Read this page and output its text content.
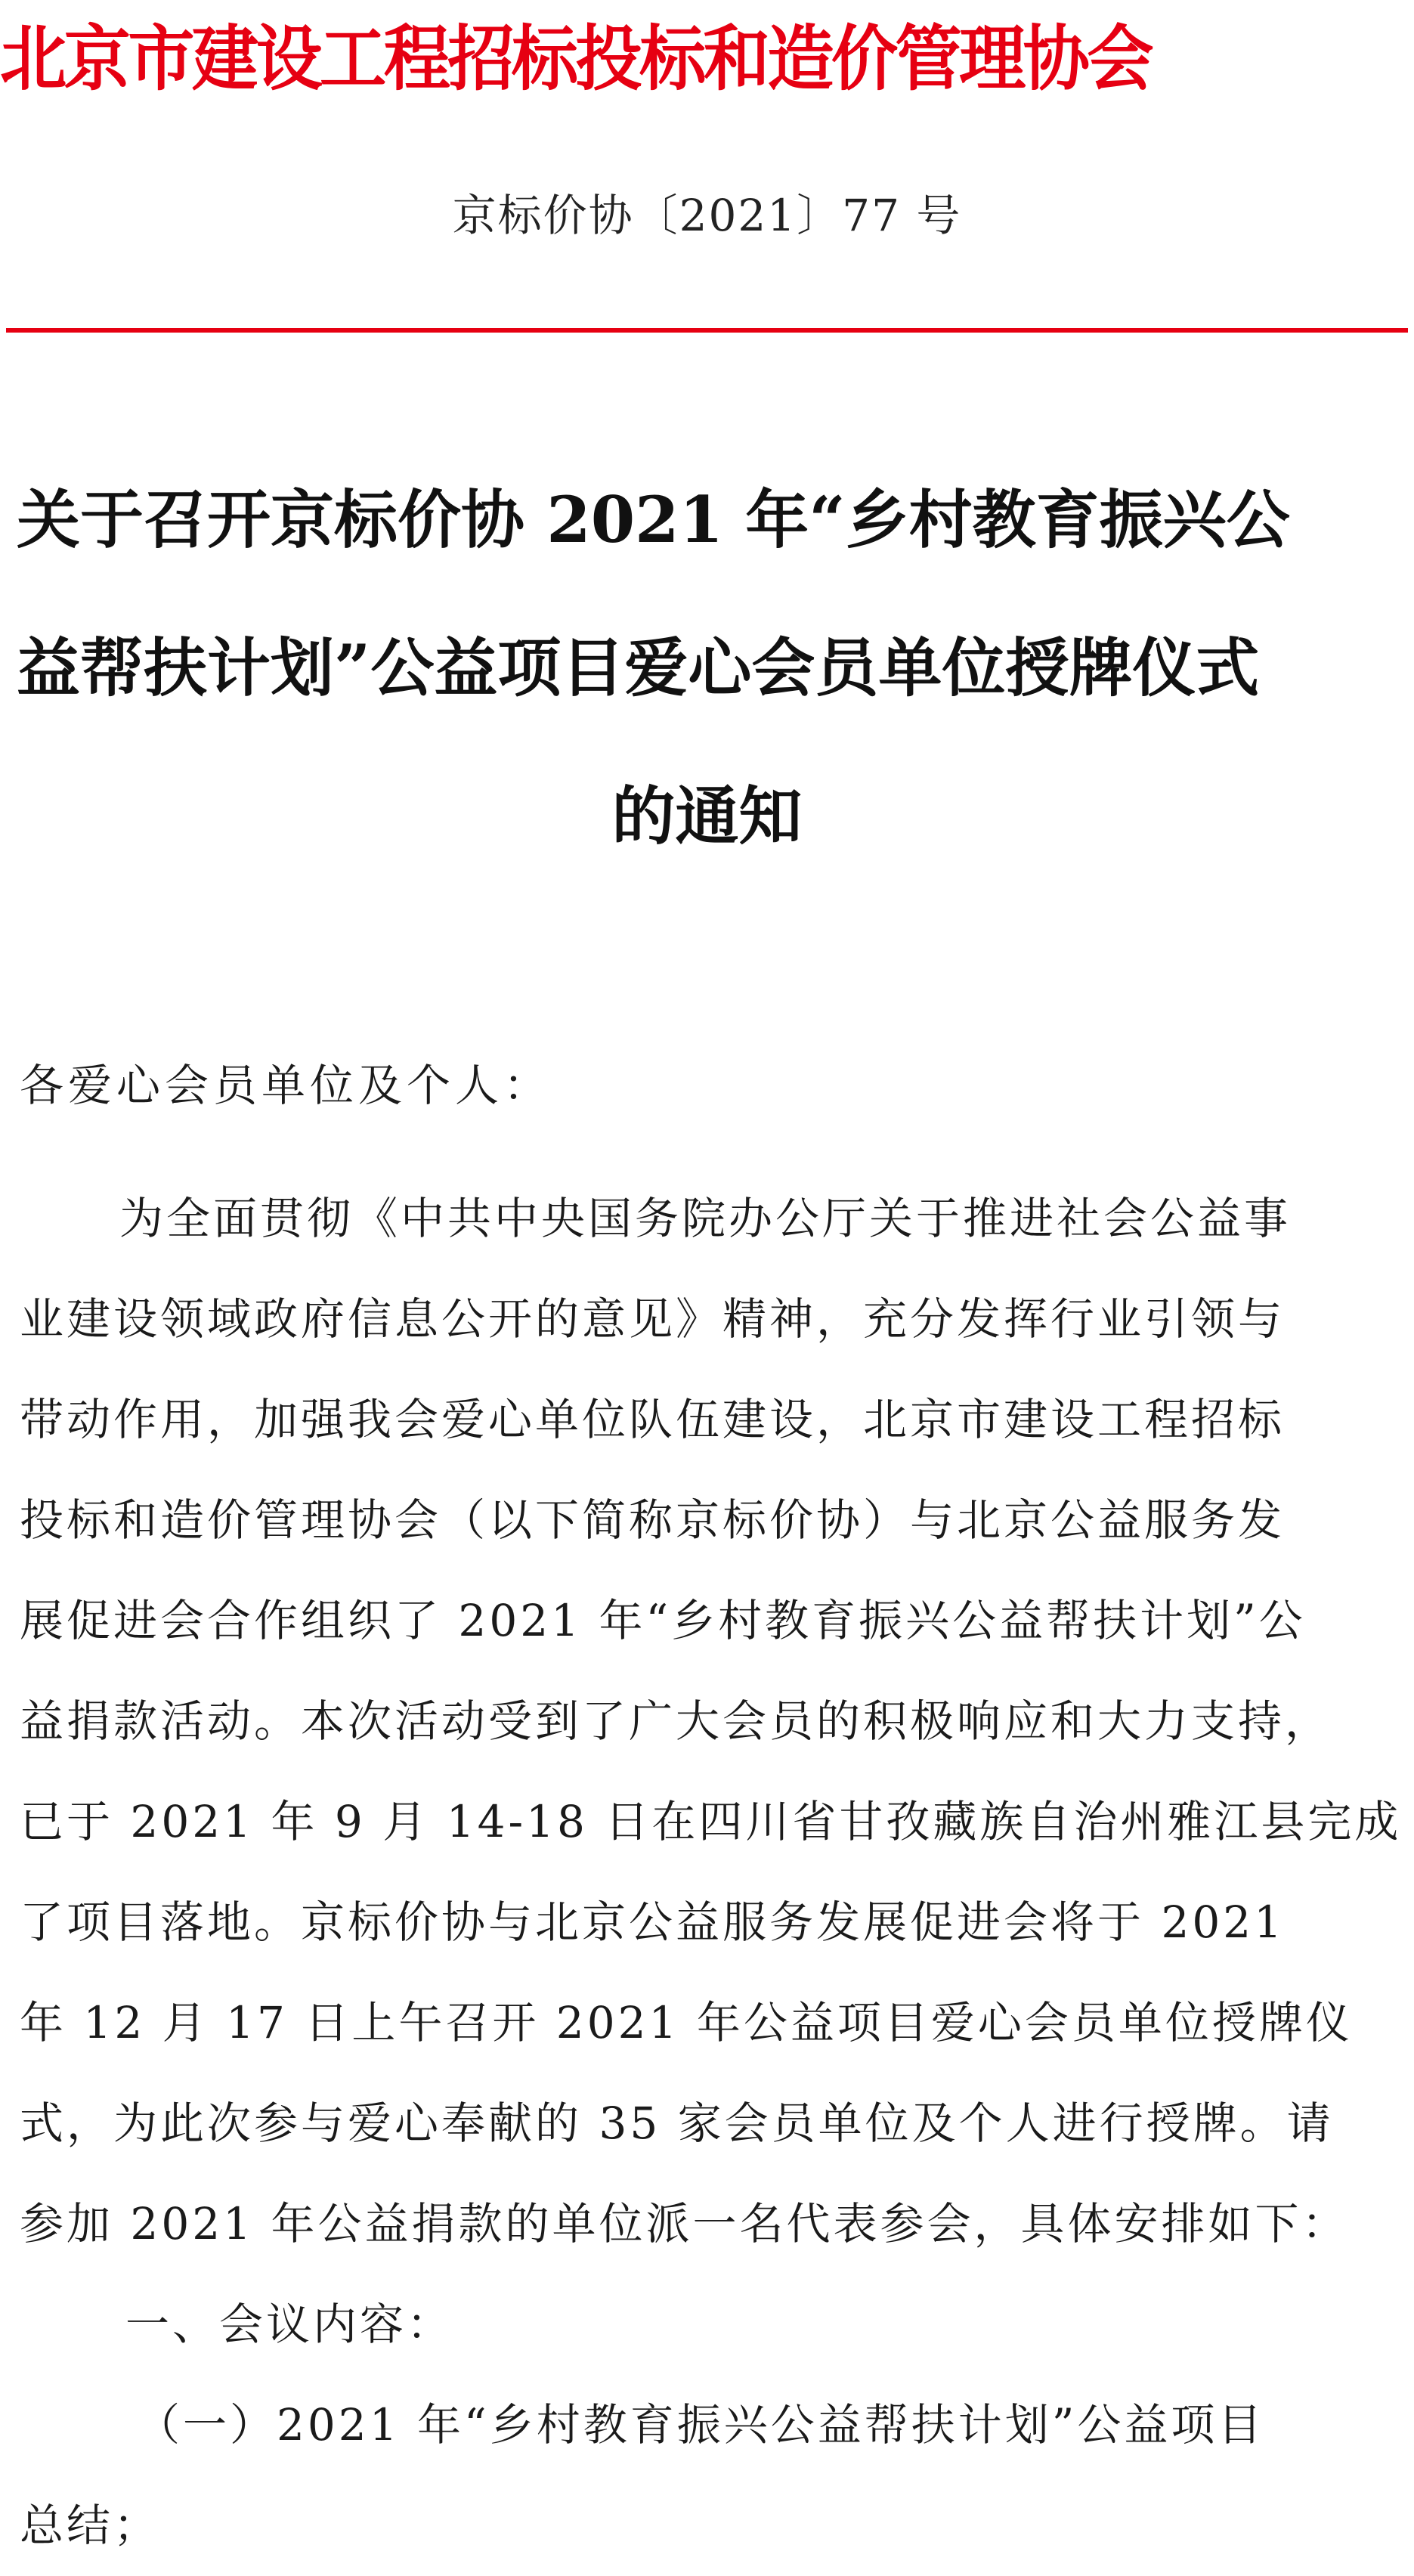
北京市建设工程招标投标和造价管理协会
京标价协〔2021〕77 号
关于召开京标价协 2021 年“乡村教育振兴公
益帮扶计划”公益项目爱心会员单位授牌仪式
的通知

各爱心会员单位及个人：

为全面贯彻《中共中央国务院办公厅关于推进社会公益事
业建设领域政府信息公开的意见》精神，充分发挥行业引领与
带动作用，加强我会爱心单位队伍建设，北京市建设工程招标
投标和造价管理协会（以下简称京标价协）与北京公益服务发
展促进会合作组织了 2021 年“乡村教育振兴公益帮扶计划”公
益捐款活动。本次活动受到了广大会员的积极响应和大力支持，
已于 2021 年 9 月 14-18 日在四川省甘孜藏族自治州雅江县完成
了项目落地。京标价协与北京公益服务发展促进会将于 2021
年 12 月 17 日上午召开 2021 年公益项目爱心会员单位授牌仪
式，为此次参与爱心奉献的 35 家会员单位及个人进行授牌。请
参加 2021 年公益捐款的单位派一名代表参会，具体安排如下：
一、会议内容：
（一）2021 年“乡村教育振兴公益帮扶计划”公益项目
总结；
